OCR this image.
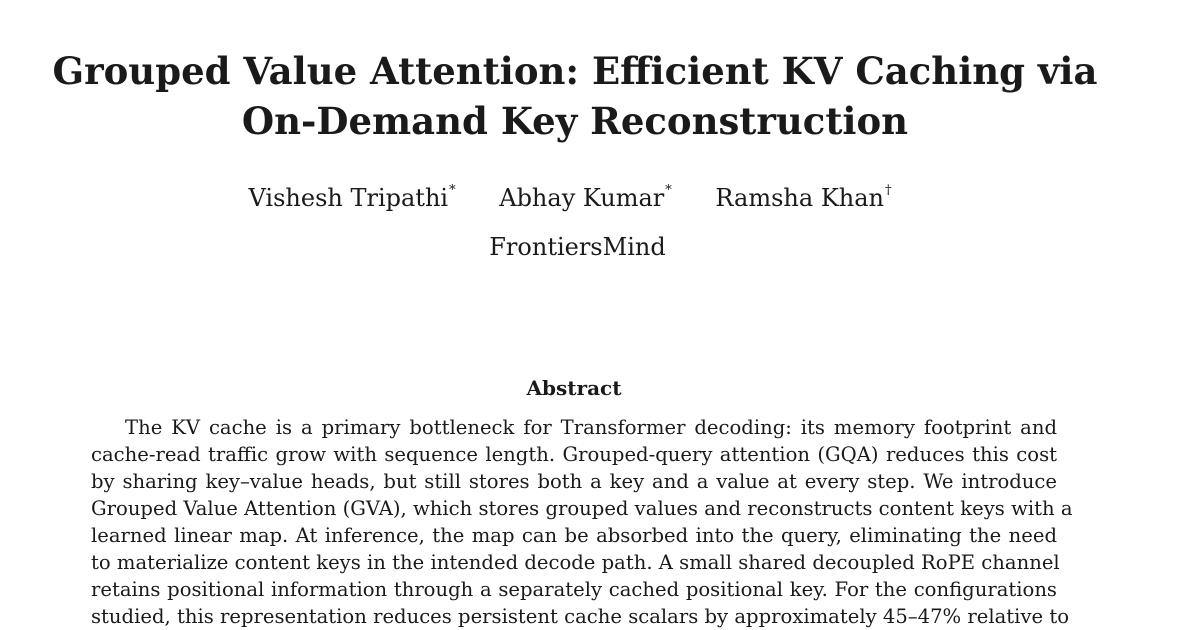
Grouped Value Attention: Efficient KV Caching via
On-Demand Key Reconstruction
Vishesh Tripathi* Abhay Kumar* Ramsha Khan†
FrontiersMind
Abstract
The KV cache is a primary bottleneck for Transformer decoding: its memory footprint and
cache-read traffic grow with sequence length. Grouped-query attention (GQA) reduces this cost
by sharing key–value heads, but still stores both a key and a value at every step. We introduce
Grouped Value Attention (GVA), which stores grouped values and reconstructs content keys with a
learned linear map. At inference, the map can be absorbed into the query, eliminating the need
to materialize content keys in the intended decode path. A small shared decoupled RoPE channel
retains positional information through a separately cached positional key. For the configurations
studied, this representation reduces persistent cache scalars by approximately 45–47% relative to
